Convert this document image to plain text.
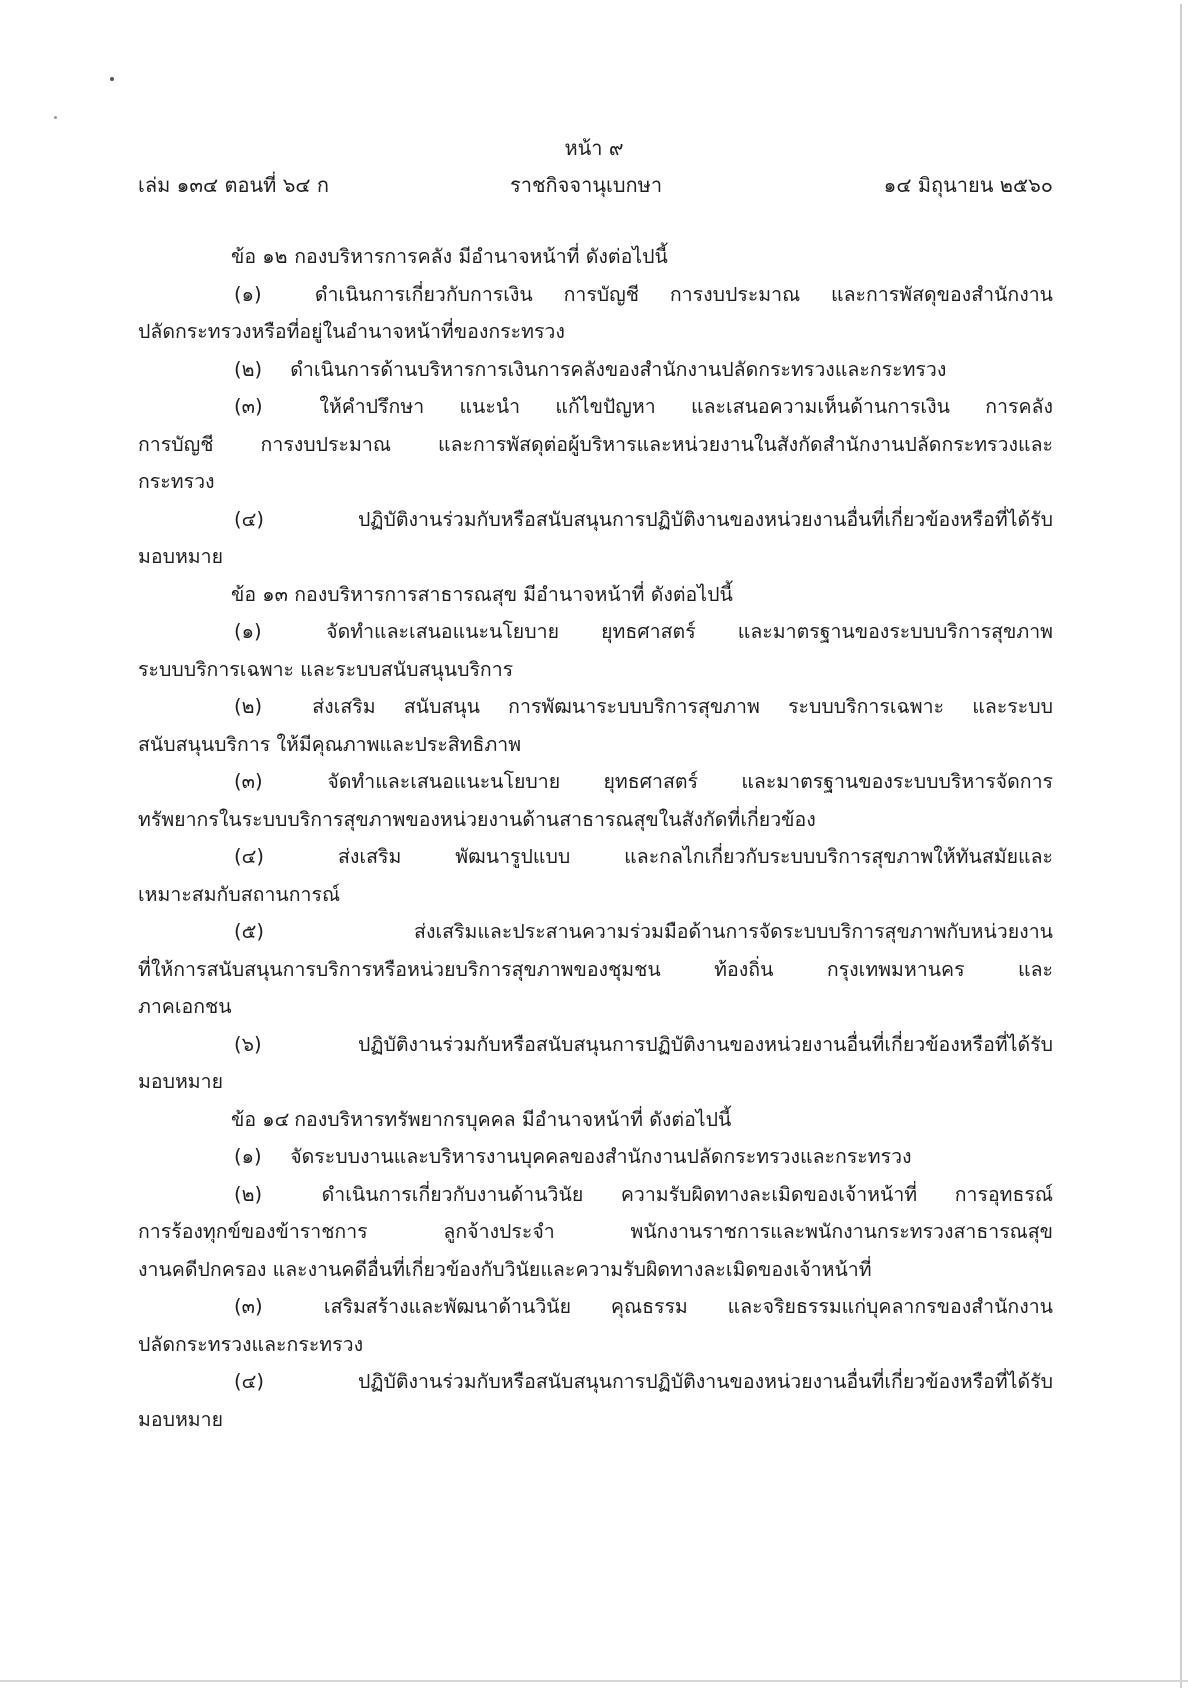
หน้า ๙
เล่ม ๑๓๔ ตอนที่ ๖๔ ก	ราชกิจจานุเบกษา	๑๔ มิถุนายน ๒๕๖๐
ข้อ ๑๒ กองบริหารการคลัง มีอำนาจหน้าที่ ดังต่อไปนี้
(๑)	ดำเนินการเกี่ยวกับการเงิน การบัญชี การงบประมาณ และการพัสดุของสำนักงาน
ปลัดกระทรวงหรือที่อยู่ในอำนาจหน้าที่ของกระทรวง
(๒) ดำเนินการด้านบริหารการเงินการคลังของสำนักงานปลัดกระทรวงและกระทรวง
(๓)	ให้คำปรึกษา แนะนำ แก้ไขปัญหา และเสนอความเห็นด้านการเงิน การคลัง
การบัญชี การงบประมาณ และการพัสดุต่อผู้บริหารและหน่วยงานในสังกัดสำนักงานปลัดกระทรวงและ
กระทรวง
(๔)	ปฏิบัติงานร่วมกับหรือสนับสนุนการปฏิบัติงานของหน่วยงานอื่นที่เกี่ยวข้องหรือที่ได้รับ
มอบหมาย
ข้อ ๑๓ กองบริหารการสาธารณสุข มีอำนาจหน้าที่ ดังต่อไปนี้
(๑)	จัดทำและเสนอแนะนโยบาย ยุทธศาสตร์ และมาตรฐานของระบบบริการสุขภาพ
ระบบบริการเฉพาะ และระบบสนับสนุนบริการ
(๒)	ส่งเสริม สนับสนุน การพัฒนาระบบบริการสุขภาพ ระบบบริการเฉพาะ และระบบ
สนับสนุนบริการ ให้มีคุณภาพและประสิทธิภาพ
(๓)	จัดทำและเสนอแนะนโยบาย ยุทธศาสตร์ และมาตรฐานของระบบบริหารจัดการ
ทรัพยากรในระบบบริการสุขภาพของหน่วยงานด้านสาธารณสุขในสังกัดที่เกี่ยวข้อง
(๔)	ส่งเสริม พัฒนารูปแบบ และกลไกเกี่ยวกับระบบบริการสุขภาพให้ทันสมัยและ
เหมาะสมกับสถานการณ์
(๕)	ส่งเสริมและประสานความร่วมมือด้านการจัดระบบบริการสุขภาพกับหน่วยงาน
ที่ให้การสนับสนุนการบริการหรือหน่วยบริการสุขภาพของชุมชน ท้องถิ่น กรุงเทพมหานคร และ
ภาคเอกชน
(๖)	ปฏิบัติงานร่วมกับหรือสนับสนุนการปฏิบัติงานของหน่วยงานอื่นที่เกี่ยวข้องหรือที่ได้รับ
มอบหมาย
ข้อ ๑๔ กองบริหารทรัพยากรบุคคล มีอำนาจหน้าที่ ดังต่อไปนี้
(๑) จัดระบบงานและบริหารงานบุคคลของสำนักงานปลัดกระทรวงและกระทรวง
(๒)	ดำเนินการเกี่ยวกับงานด้านวินัย ความรับผิดทางละเมิดของเจ้าหน้าที่ การอุทธรณ์
การร้องทุกข์ของข้าราชการ ลูกจ้างประจำ พนักงานราชการและพนักงานกระทรวงสาธารณสุข
งานคดีปกครอง และงานคดีอื่นที่เกี่ยวข้องกับวินัยและความรับผิดทางละเมิดของเจ้าหน้าที่
(๓)	เสริมสร้างและพัฒนาด้านวินัย คุณธรรม และจริยธรรมแก่บุคลากรของสำนักงาน
ปลัดกระทรวงและกระทรวง
(๔)	ปฏิบัติงานร่วมกับหรือสนับสนุนการปฏิบัติงานของหน่วยงานอื่นที่เกี่ยวข้องหรือที่ได้รับ
มอบหมาย
